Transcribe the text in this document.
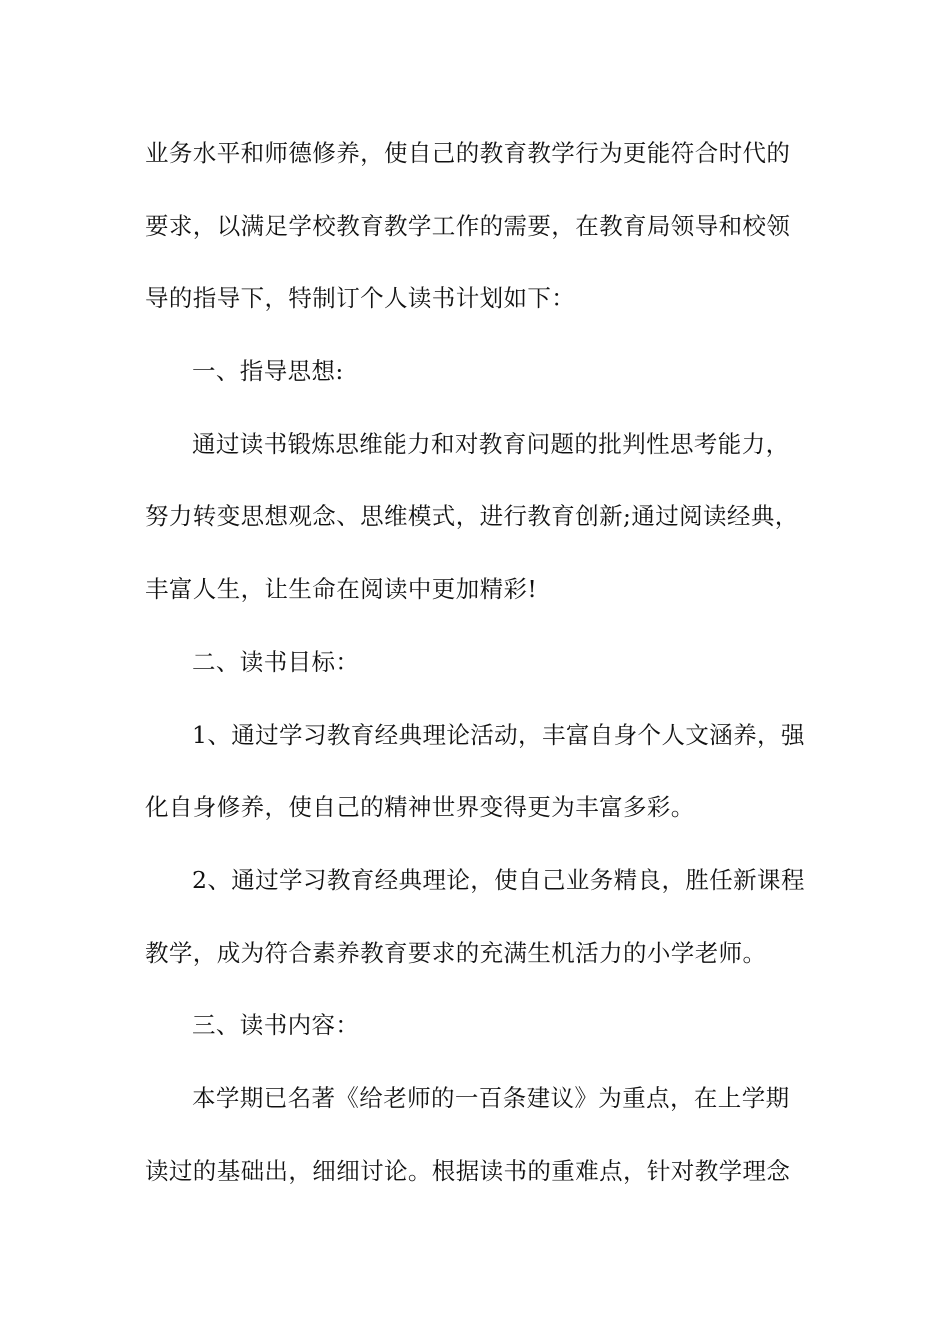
业务水平和师德修养，使自己的教育教学行为更能符合时代的
要求，以满足学校教育教学工作的需要，在教育局领导和校领
导的指导下，特制订个人读书计划如下：
一、指导思想:
通过读书锻炼思维能力和对教育问题的批判性思考能力，
努力转变思想观念、思维模式，进行教育创新;通过阅读经典，
丰富人生，让生命在阅读中更加精彩!
二、读书目标：
1、通过学习教育经典理论活动，丰富自身个人文涵养，强
化自身修养，使自己的精神世界变得更为丰富多彩。
2、通过学习教育经典理论，使自己业务精良，胜任新课程
教学，成为符合素养教育要求的充满生机活力的小学老师。
三、读书内容：
本学期已名著《给老师的一百条建议》为重点，在上学期
读过的基础出，细细讨论。根据读书的重难点，针对教学理念
